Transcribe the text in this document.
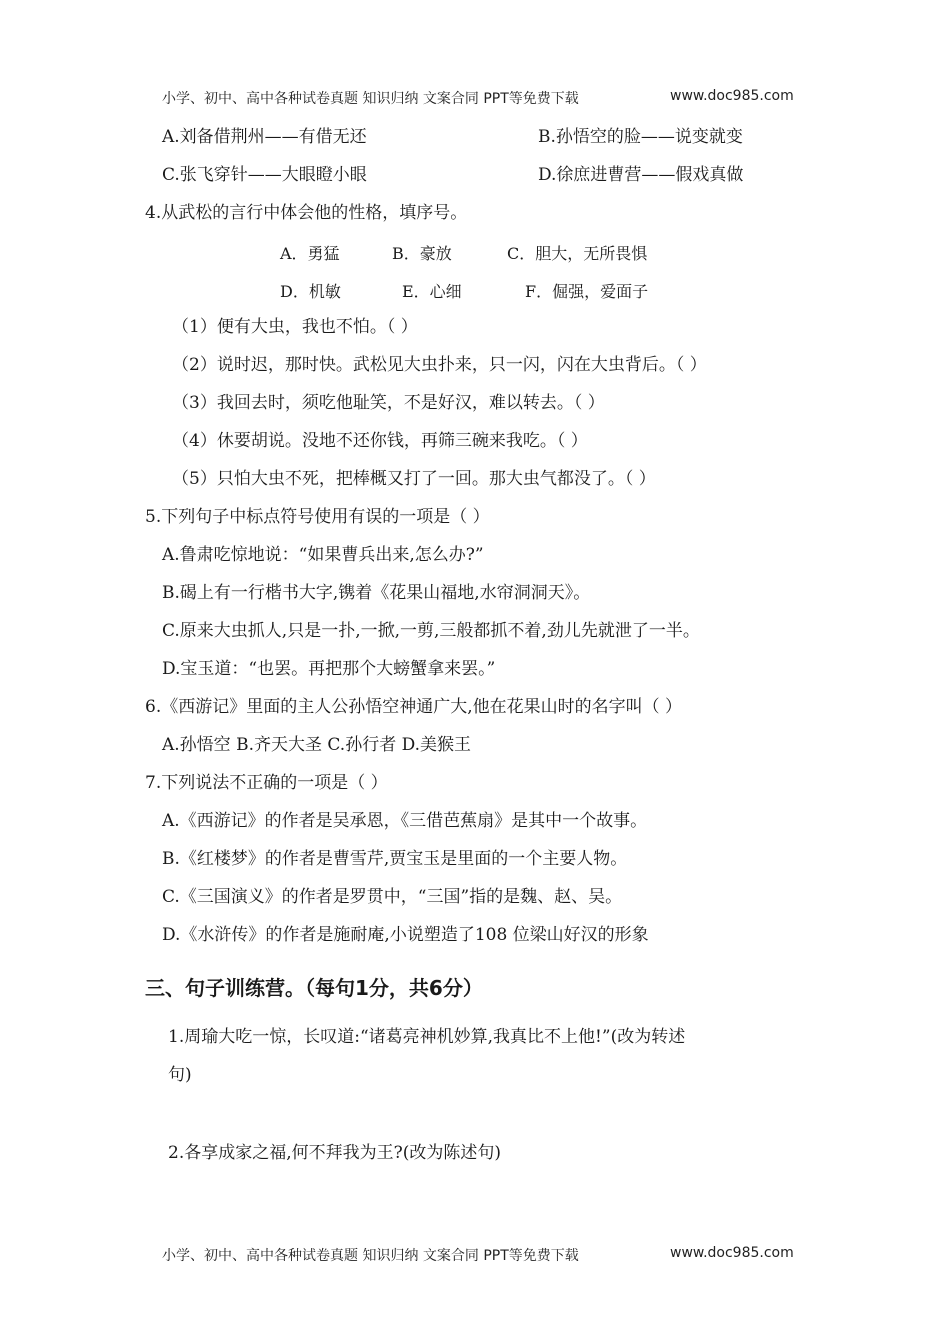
小学、初中、高中各种试卷真题 知识归纳 文案合同 PPT等免费下载	www.doc985.com
A.刘备借荆州——有借无还	B.孙悟空的脸——说变就变
C.张飞穿针——大眼瞪小眼	D.徐庶进曹营——假戏真做
4.从武松的言行中体会他的性格，填序号。
A．勇猛	B．豪放	C．胆大，无所畏惧
D．机敏	E．心细	F．倔强，爱面子
（1）便有大虫，我也不怕。（ ）
（2）说时迟，那时快。武松见大虫扑来，只一闪，闪在大虫背后。（ ）
（3）我回去时，须吃他耻笑，不是好汉，难以转去。（ ）
（4）休要胡说。没地不还你钱，再筛三碗来我吃。（ ）
（5）只怕大虫不死，把棒概又打了一回。那大虫气都没了。（ ）
5.下列句子中标点符号使用有误的一项是（ ）
A.鲁肃吃惊地说：“如果曹兵出来,怎么办?”
B.碣上有一行楷书大字,镌着《花果山福地,水帘洞洞天》。
C.原来大虫抓人,只是一扑,一掀,一剪,三般都抓不着,劲儿先就泄了一半。
D.宝玉道：“也罢。再把那个大螃蟹拿来罢。”
6.《西游记》里面的主人公孙悟空神通广大,他在花果山时的名字叫（ ）
A.孙悟空 B.齐天大圣 C.孙行者 D.美猴王
7.下列说法不正确的一项是（ ）
A.《西游记》的作者是吴承恩，《三借芭蕉扇》是其中一个故事。
B.《红楼梦》的作者是曹雪芹,贾宝玉是里面的一个主要人物。
C.《三国演义》的作者是罗贯中，“三国”指的是魏、赵、吴。
D.《水浒传》的作者是施耐庵,小说塑造了108 位梁山好汉的形象
三、句子训练营。（每句1分，共6分）
1.周瑜大吃一惊，长叹道:“诸葛亮神机妙算,我真比不上他!”(改为转述
句)
2.各享成家之福,何不拜我为王?(改为陈述句)
小学、初中、高中各种试卷真题 知识归纳 文案合同 PPT等免费下载	www.doc985.com
